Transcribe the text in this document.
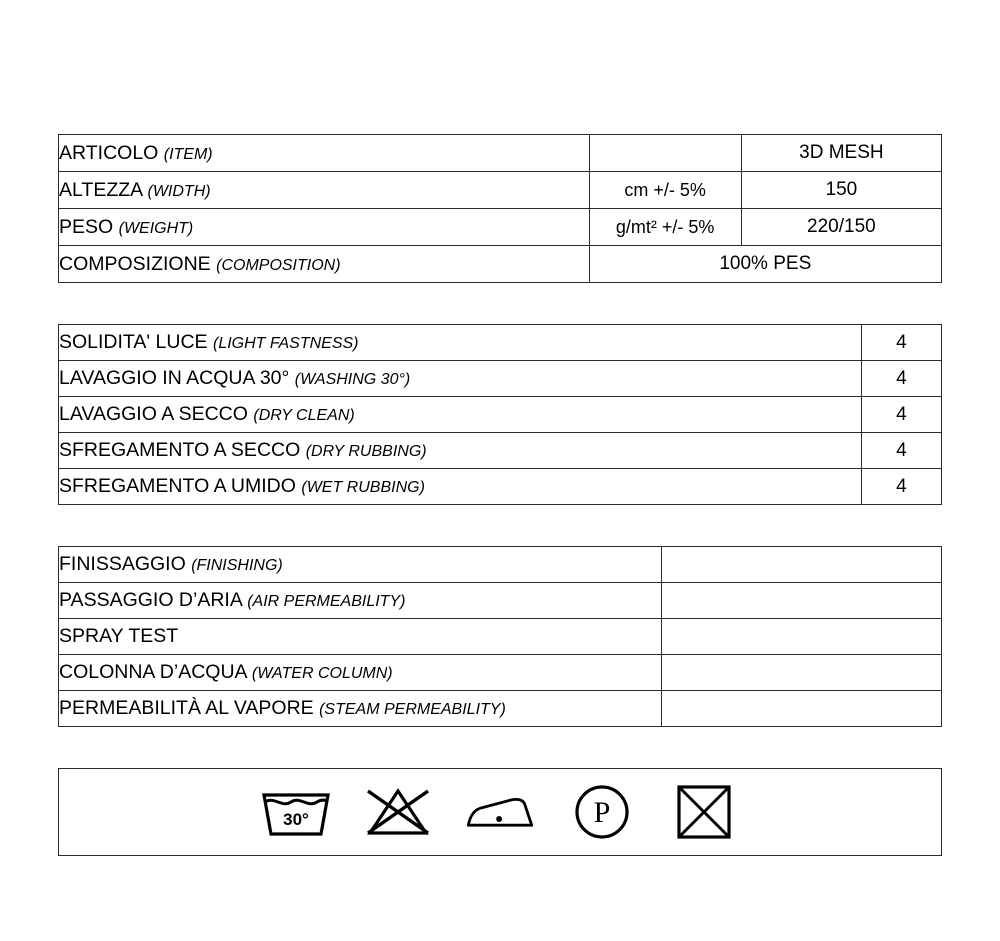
ARTICOLO (ITEM)		3D MESH
ALTEZZA (WIDTH)	cm +/- 5%	150
PESO (WEIGHT)	g/mt² +/- 5%	220/150
COMPOSIZIONE (COMPOSITION)	100% PES	
SOLIDITA' LUCE (LIGHT FASTNESS)	4
LAVAGGIO IN ACQUA 30° (WASHING 30°)	4
LAVAGGIO A SECCO (DRY CLEAN)	4
SFREGAMENTO A SECCO (DRY RUBBING)	4
SFREGAMENTO A UMIDO (WET RUBBING)	4
FINISSAGGIO (FINISHING)	
PASSAGGIO D’ARIA (AIR PERMEABILITY)	
SPRAY TEST	
COLONNA D’ACQUA (WATER COLUMN)	
PERMEABILITÀ AL VAPORE (STEAM PERMEABILITY)	
30°	P
